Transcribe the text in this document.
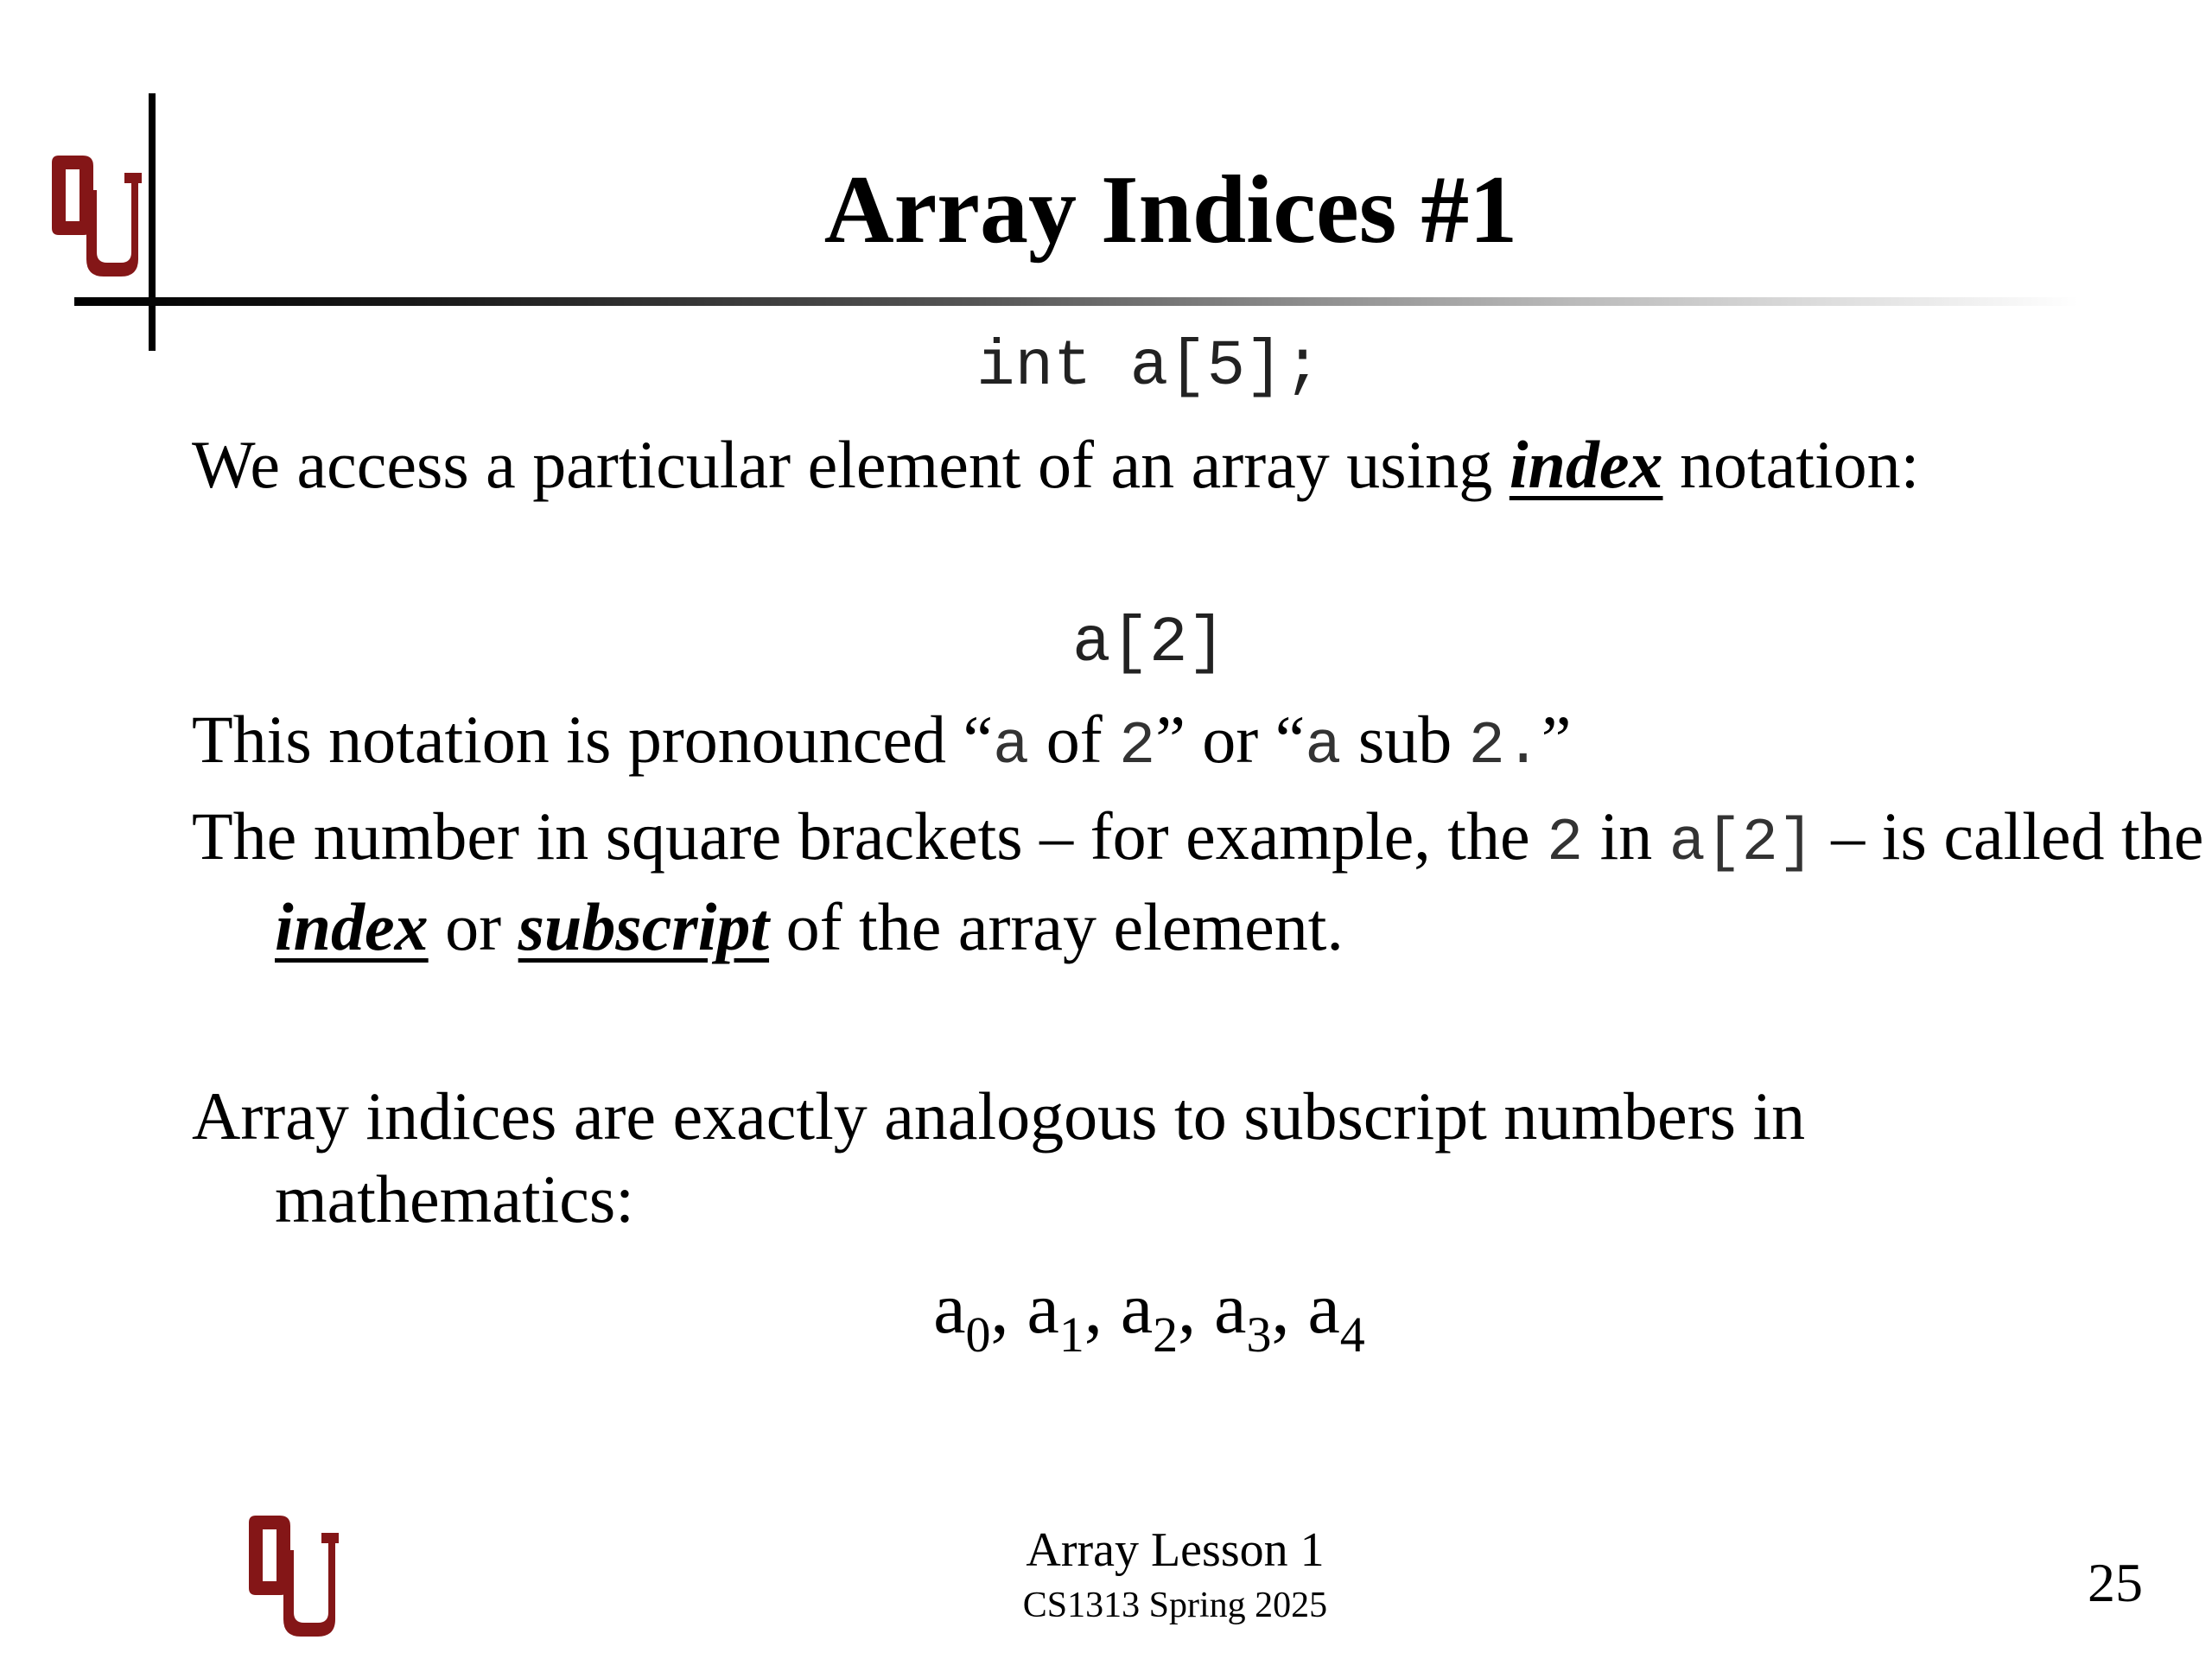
Array Indices #1
int a[5];
We access a particular element of an array using index notation:
a[2]
This notation is pronounced “a of 2” or “a sub 2.”
The number in square brackets – for example, the 2 in a[2] – is called the index or subscript of the array element.
Array indices are exactly analogous to subscript numbers in mathematics:
$a_0$, $a_1$, $a_2$, $a_3$, $a_4$
Array Lesson 1
CS1313 Spring 2025	25
